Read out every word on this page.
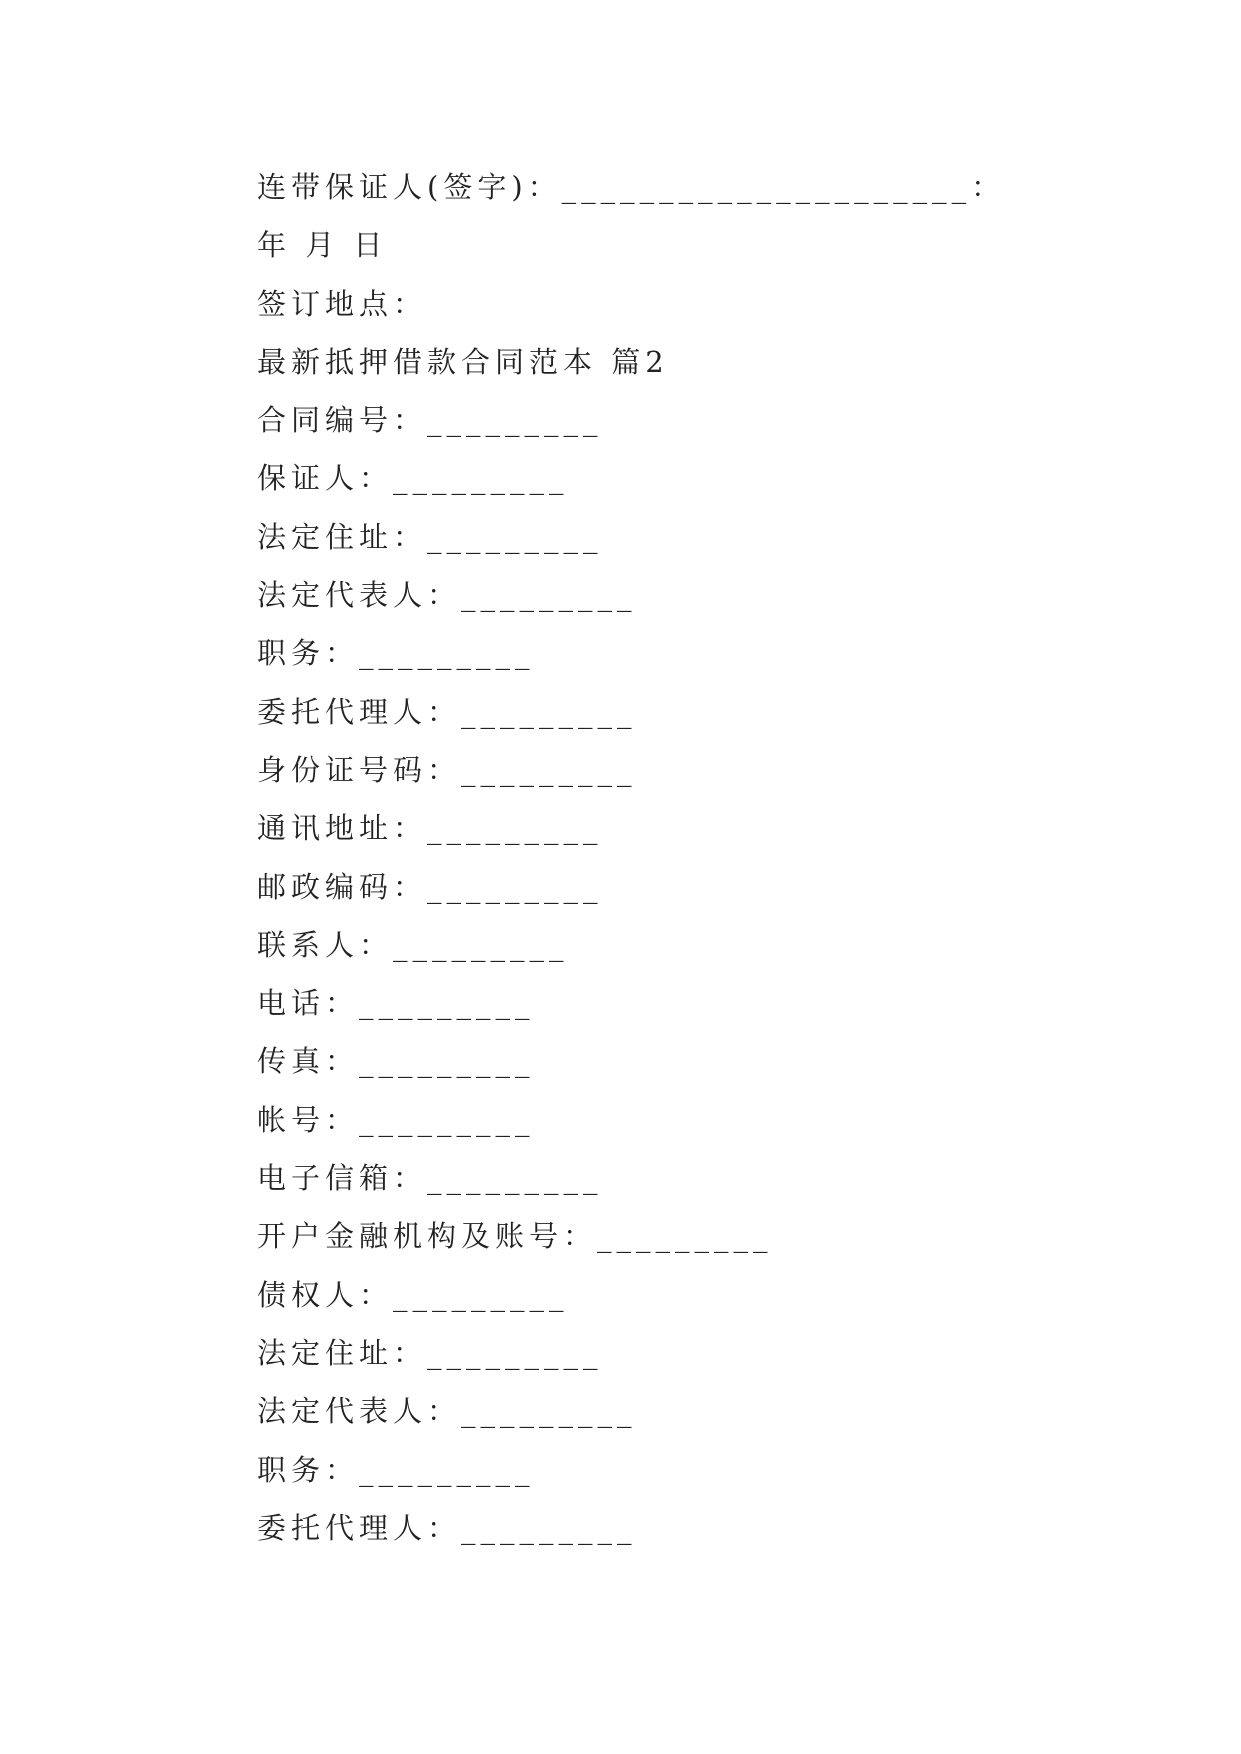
连带保证人(签字)：_____________________：
年 月 日
签订地点：
最新抵押借款合同范本 篇2
合同编号：_________
保证人：_________
法定住址：_________
法定代表人：_________
职务：_________
委托代理人：_________
身份证号码：_________
通讯地址：_________
邮政编码：_________
联系人：_________
电话：_________
传真：_________
帐号：_________
电子信箱：_________
开户金融机构及账号：_________
债权人：_________
法定住址：_________
法定代表人：_________
职务：_________
委托代理人：_________
